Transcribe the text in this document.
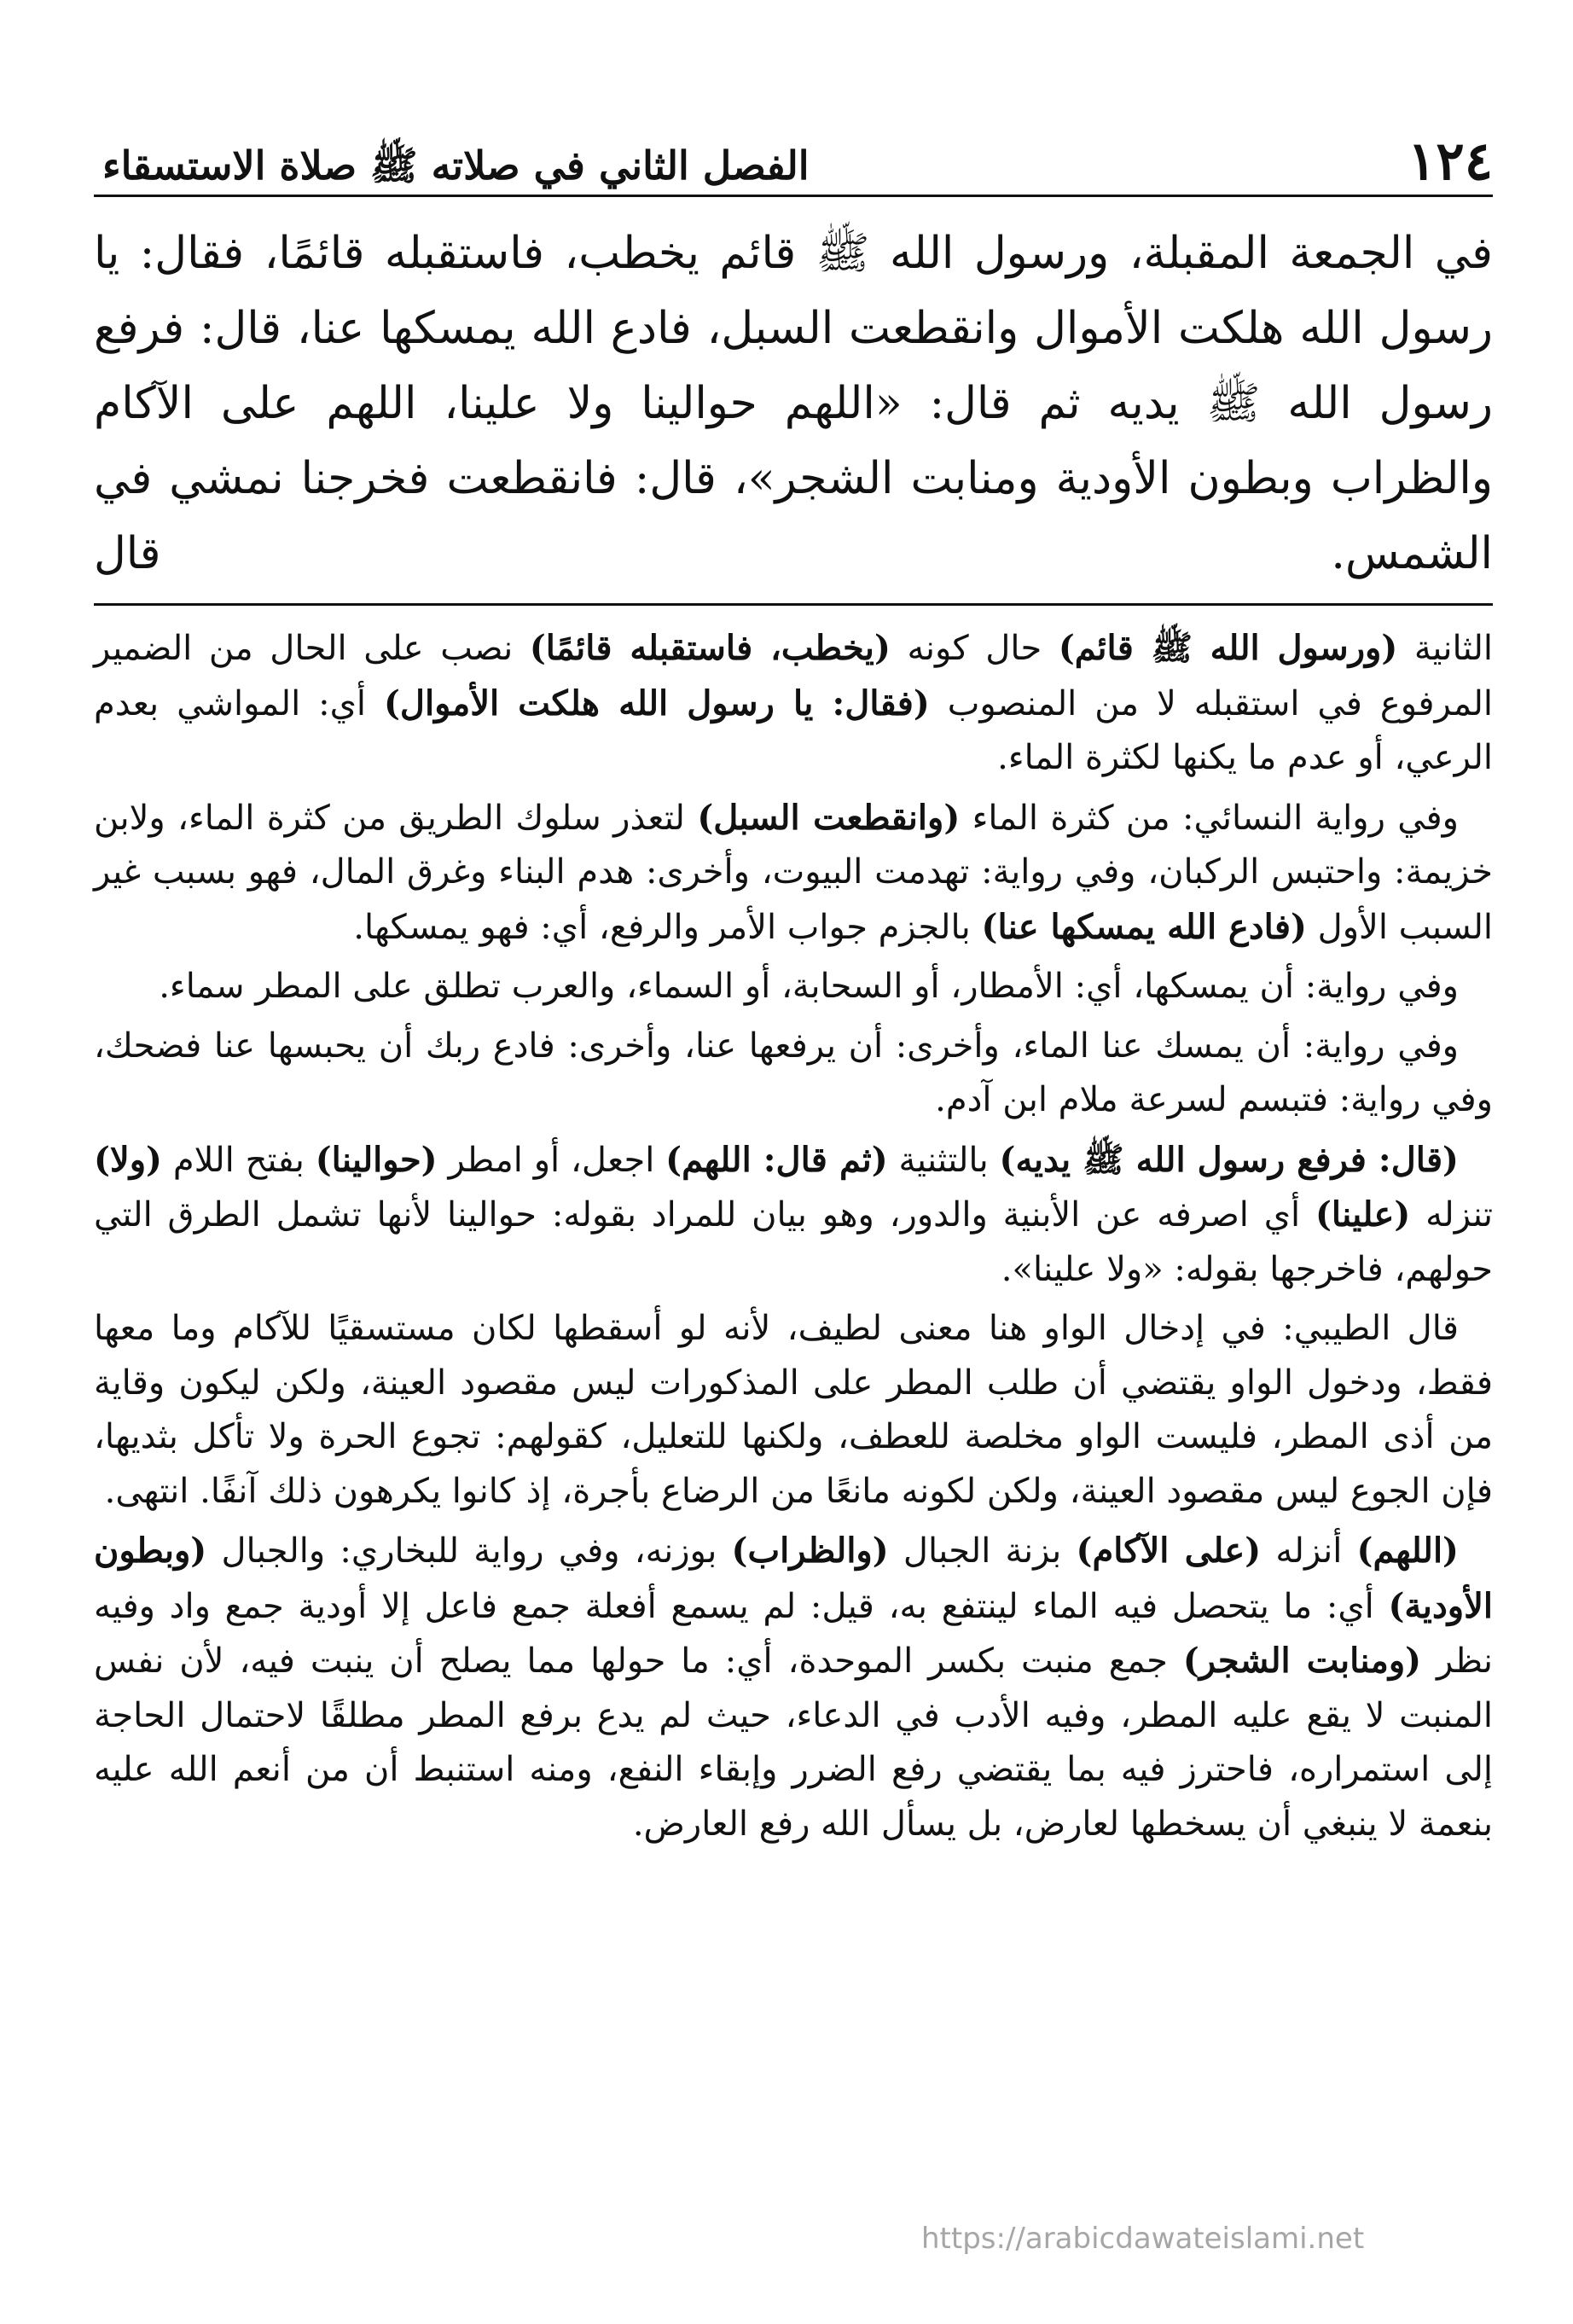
١٢٤
الفصل الثاني في صلاته ﷺ صلاة الاستسقاء

في الجمعة المقبلة، ورسول الله ﷺ قائم يخطب، فاستقبله قائمًا، فقال: يا رسول الله هلكت الأموال وانقطعت السبل، فادع الله يمسكها عنا، قال: فرفع رسول الله ﷺ يديه ثم قال: «اللهم حوالينا ولا علينا، اللهم على الآكام والظراب وبطون الأودية ومنابت الشجر»، قال: فانقطعت فخرجنا نمشي في الشمس. قال

الثانية (ورسول الله ﷺ قائم) حال كونه (يخطب، فاستقبله قائمًا) نصب على الحال من الضمير المرفوع في استقبله لا من المنصوب (فقال: يا رسول الله هلكت الأموال) أي: المواشي بعدم الرعي، أو عدم ما يكنها لكثرة الماء.

وفي رواية النسائي: من كثرة الماء (وانقطعت السبل) لتعذر سلوك الطريق من كثرة الماء، ولابن خزيمة: واحتبس الركبان، وفي رواية: تهدمت البيوت، وأخرى: هدم البناء وغرق المال، فهو بسبب غير السبب الأول (فادع الله يمسكها عنا) بالجزم جواب الأمر والرفع، أي: فهو يمسكها.

وفي رواية: أن يمسكها، أي: الأمطار، أو السحابة، أو السماء، والعرب تطلق على المطر سماء.

وفي رواية: أن يمسك عنا الماء، وأخرى: أن يرفعها عنا، وأخرى: فادع ربك أن يحبسها عنا فضحك، وفي رواية: فتبسم لسرعة ملام ابن آدم.

(قال: فرفع رسول الله ﷺ يديه) بالتثنية (ثم قال: اللهم) اجعل، أو امطر (حوالينا) بفتح اللام (ولا) تنزله (علينا) أي اصرفه عن الأبنية والدور، وهو بيان للمراد بقوله: حوالينا لأنها تشمل الطرق التي حولهم، فاخرجها بقوله: «ولا علينا».

قال الطيبي: في إدخال الواو هنا معنى لطيف، لأنه لو أسقطها لكان مستسقيًا للآكام وما معها فقط، ودخول الواو يقتضي أن طلب المطر على المذكورات ليس مقصود العينة، ولكن ليكون وقاية من أذى المطر، فليست الواو مخلصة للعطف، ولكنها للتعليل، كقولهم: تجوع الحرة ولا تأكل بثديها، فإن الجوع ليس مقصود العينة، ولكن لكونه مانعًا من الرضاع بأجرة، إذ كانوا يكرهون ذلك آنفًا. انتهى.

(اللهم) أنزله (على الآكام) بزنة الجبال (والظراب) بوزنه، وفي رواية للبخاري: والجبال (وبطون الأودية) أي: ما يتحصل فيه الماء لينتفع به، قيل: لم يسمع أفعلة جمع فاعل إلا أودية جمع واد وفيه نظر (ومنابت الشجر) جمع منبت بكسر الموحدة، أي: ما حولها مما يصلح أن ينبت فيه، لأن نفس المنبت لا يقع عليه المطر، وفيه الأدب في الدعاء، حيث لم يدع برفع المطر مطلقًا لاحتمال الحاجة إلى استمراره، فاحترز فيه بما يقتضي رفع الضرر وإبقاء النفع، ومنه استنبط أن من أنعم الله عليه بنعمة لا ينبغي أن يسخطها لعارض، بل يسأل الله رفع العارض.

https://arabicdawateislami.net
